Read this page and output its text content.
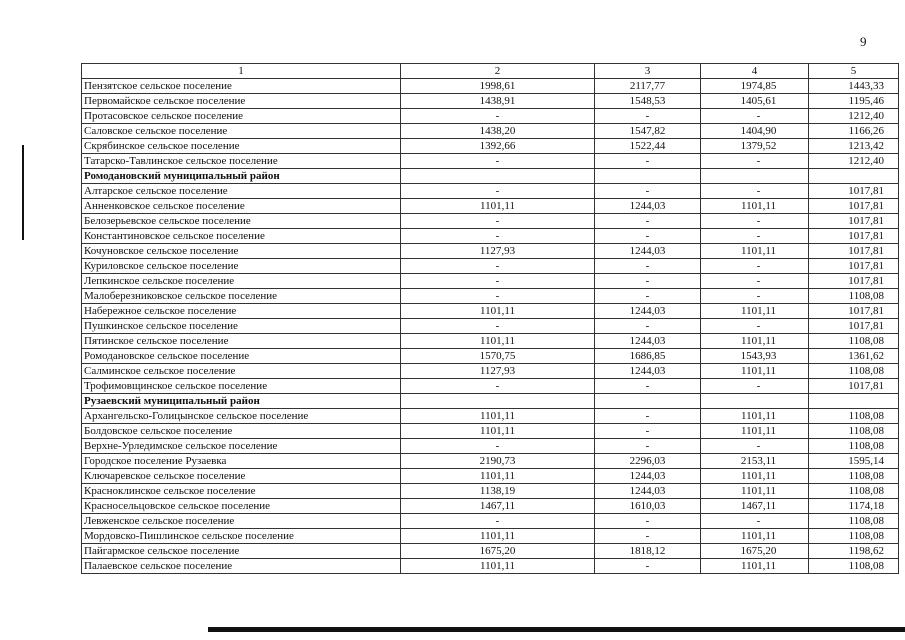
9
1	2	3	4	5
Пензятское сельское поселение	1998,61	2117,77	1974,85	1443,33
Первомайское сельское поселение	1438,91	1548,53	1405,61	1195,46
Протасовское сельское поселение	-	-	-	1212,40
Саловское сельское поселение	1438,20	1547,82	1404,90	1166,26
Скрябинское сельское поселение	1392,66	1522,44	1379,52	1213,42
Татарско-Тавлинское сельское поселение	-	-	-	1212,40
Ромодановский муниципальный район				
Алтарское сельское поселение	-	-	-	1017,81
Анненковское сельское поселение	1101,11	1244,03	1101,11	1017,81
Белозерьевское сельское поселение	-	-	-	1017,81
Константиновское сельское поселение	-	-	-	1017,81
Кочуновское сельское поселение	1127,93	1244,03	1101,11	1017,81
Куриловское сельское поселение	-	-	-	1017,81
Лепкинское сельское поселение	-	-	-	1017,81
Малоберезниковское сельское поселение	-	-	-	1108,08
Набережное сельское поселение	1101,11	1244,03	1101,11	1017,81
Пушкинское сельское поселение	-	-	-	1017,81
Пятинское сельское поселение	1101,11	1244,03	1101,11	1108,08
Ромодановское сельское поселение	1570,75	1686,85	1543,93	1361,62
Салминское сельское поселение	1127,93	1244,03	1101,11	1108,08
Трофимовщинское сельское поселение	-	-	-	1017,81
Рузаевский муниципальный район				
Архангельско-Голицынское сельское поселение	1101,11	-	1101,11	1108,08
Болдовское сельское поселение	1101,11	-	1101,11	1108,08
Верхне-Урледимское сельское поселение	-	-	-	1108,08
Городское поселение Рузаевка	2190,73	2296,03	2153,11	1595,14
Ключаревское сельское поселение	1101,11	1244,03	1101,11	1108,08
Красноклинское сельское поселение	1138,19	1244,03	1101,11	1108,08
Красносельцовское сельское поселение	1467,11	1610,03	1467,11	1174,18
Левженское сельское поселение	-	-	-	1108,08
Мордовско-Пишлинское сельское поселение	1101,11	-	1101,11	1108,08
Пайгармское сельское поселение	1675,20	1818,12	1675,20	1198,62
Палаевское сельское поселение	1101,11	-	1101,11	1108,08
